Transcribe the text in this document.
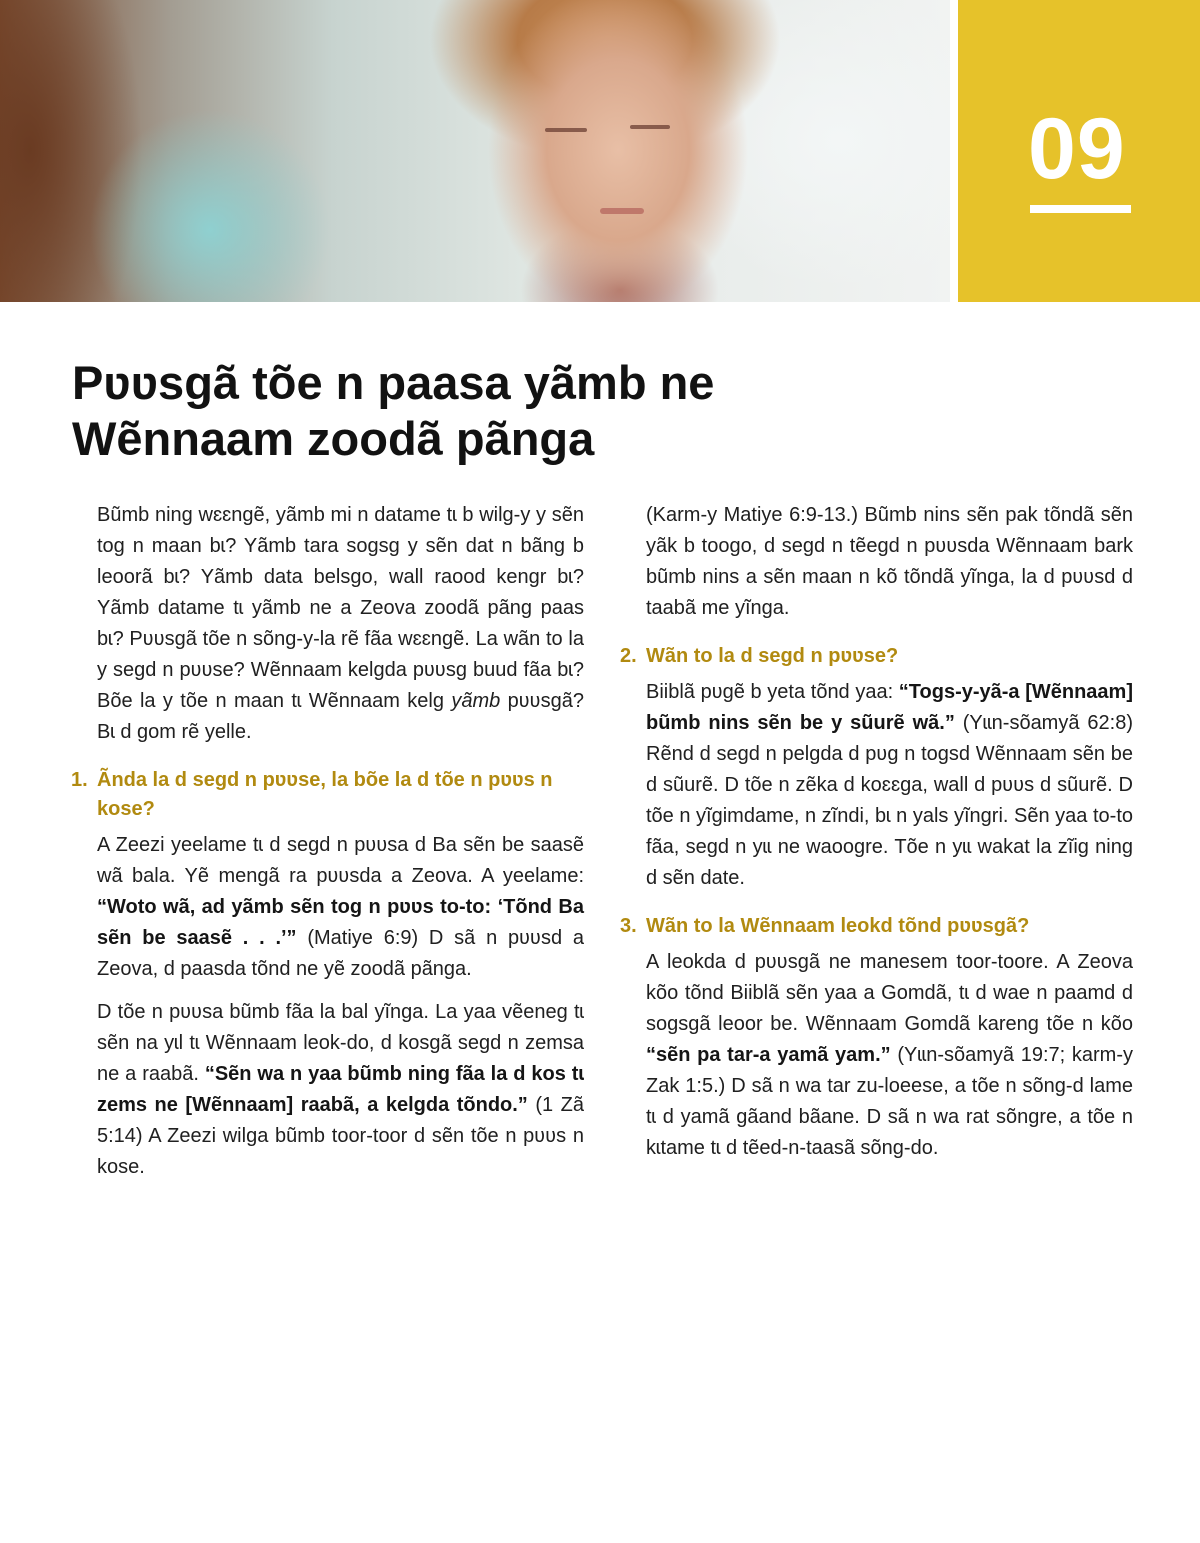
09
Pʋʋsgã tõe n paasa yãmb ne
Wẽnnaam zoodã pãnga

Bũmb ning wɛɛngẽ, yãmb mi n datame tɩ b wilg-y y sẽn tog n maan bɩ? Yãmb tara sogsg y sẽn dat n bãng b leoorã bɩ? Yãmb data belsgo, wall raood kengr bɩ? Yãmb datame tɩ yãmb ne a Zeova zoodã pãng paas bɩ? Pʋʋsgã tõe n sõng-y-la rẽ fãa wɛɛngẽ. La wãn to la y segd n pʋʋse? Wẽnnaam kelgda pʋʋsg buud fãa bɩ? Bõe la y tõe n maan tɩ Wẽnnaam kelg yãmb pʋʋsgã? Bɩ d gom rẽ yelle.

1. Ãnda la d segd n pʋʋse, la bõe la d tõe n pʋʋs n kose?

A Zeezi yeelame tɩ d segd n pʋʋsa d Ba sẽn be saasẽ wã bala. Yẽ mengã ra pʋʋsda a Zeova. A yeelame: “Woto wã, ad yãmb sẽn tog n pʋʋs to-to: ‘Tõnd Ba sẽn be saasẽ . . .’” (Matiye 6:9) D sã n pʋʋsd a Zeova, d paasda tõnd ne yẽ zoodã pãnga.

D tõe n pʋʋsa bũmb fãa la bal yĩnga. La yaa vẽeneg tɩ sẽn na yɩl tɩ Wẽnnaam leok-do, d kosgã segd n zemsa ne a raabã. “Sẽn wa n yaa bũmb ning fãa la d kos tɩ zems ne [Wẽnnaam] raabã, a kelgda tõndo.” (1 Zã 5:14) A Zeezi wilga bũmb toor-toor d sẽn tõe n pʋʋs n kose.

(Karm-y Matiye 6:9-13.) Bũmb nins sẽn pak tõndã sẽn yãk b toogo, d segd n tẽegd n pʋʋsda Wẽnnaam bark bũmb nins a sẽn maan n kõ tõndã yĩnga, la d pʋʋsd d taabã me yĩnga.

2. Wãn to la d segd n pʋʋse?

Biiblã pʋgẽ b yeta tõnd yaa: “Togs-y-yã-a [Wẽnnaam] bũmb nins sẽn be y sũurẽ wã.” (Yɩɩn-sõamyã 62:8) Rẽnd d segd n pelgda d pʋg n togsd Wẽnnaam sẽn be d sũurẽ. D tõe n zẽka d koɛɛga, wall d pʋʋs d sũurẽ. D tõe n yĩgimdame, n zĩndi, bɩ n yals yĩngri. Sẽn yaa to-to fãa, segd n yɩɩ ne waoogre. Tõe n yɩɩ wakat la zĩig ning d sẽn date.

3. Wãn to la Wẽnnaam leokd tõnd pʋʋsgã?

A leokda d pʋʋsgã ne manesem toor-toore. A Zeova kõo tõnd Biiblã sẽn yaa a Gomdã, tɩ d wae n paamd d sogsgã leoor be. Wẽnnaam Gomdã kareng tõe n kõo “sẽn pa tar-a yamã yam.” (Yɩɩn-sõamyã 19:7; karm-y Zak 1:5.) D sã n wa tar zu-loeese, a tõe n sõng-d lame tɩ d yamã gãand bãane. D sã n wa rat sõngre, a tõe n kɩtame tɩ d tẽed-n-taasã sõng-do.
